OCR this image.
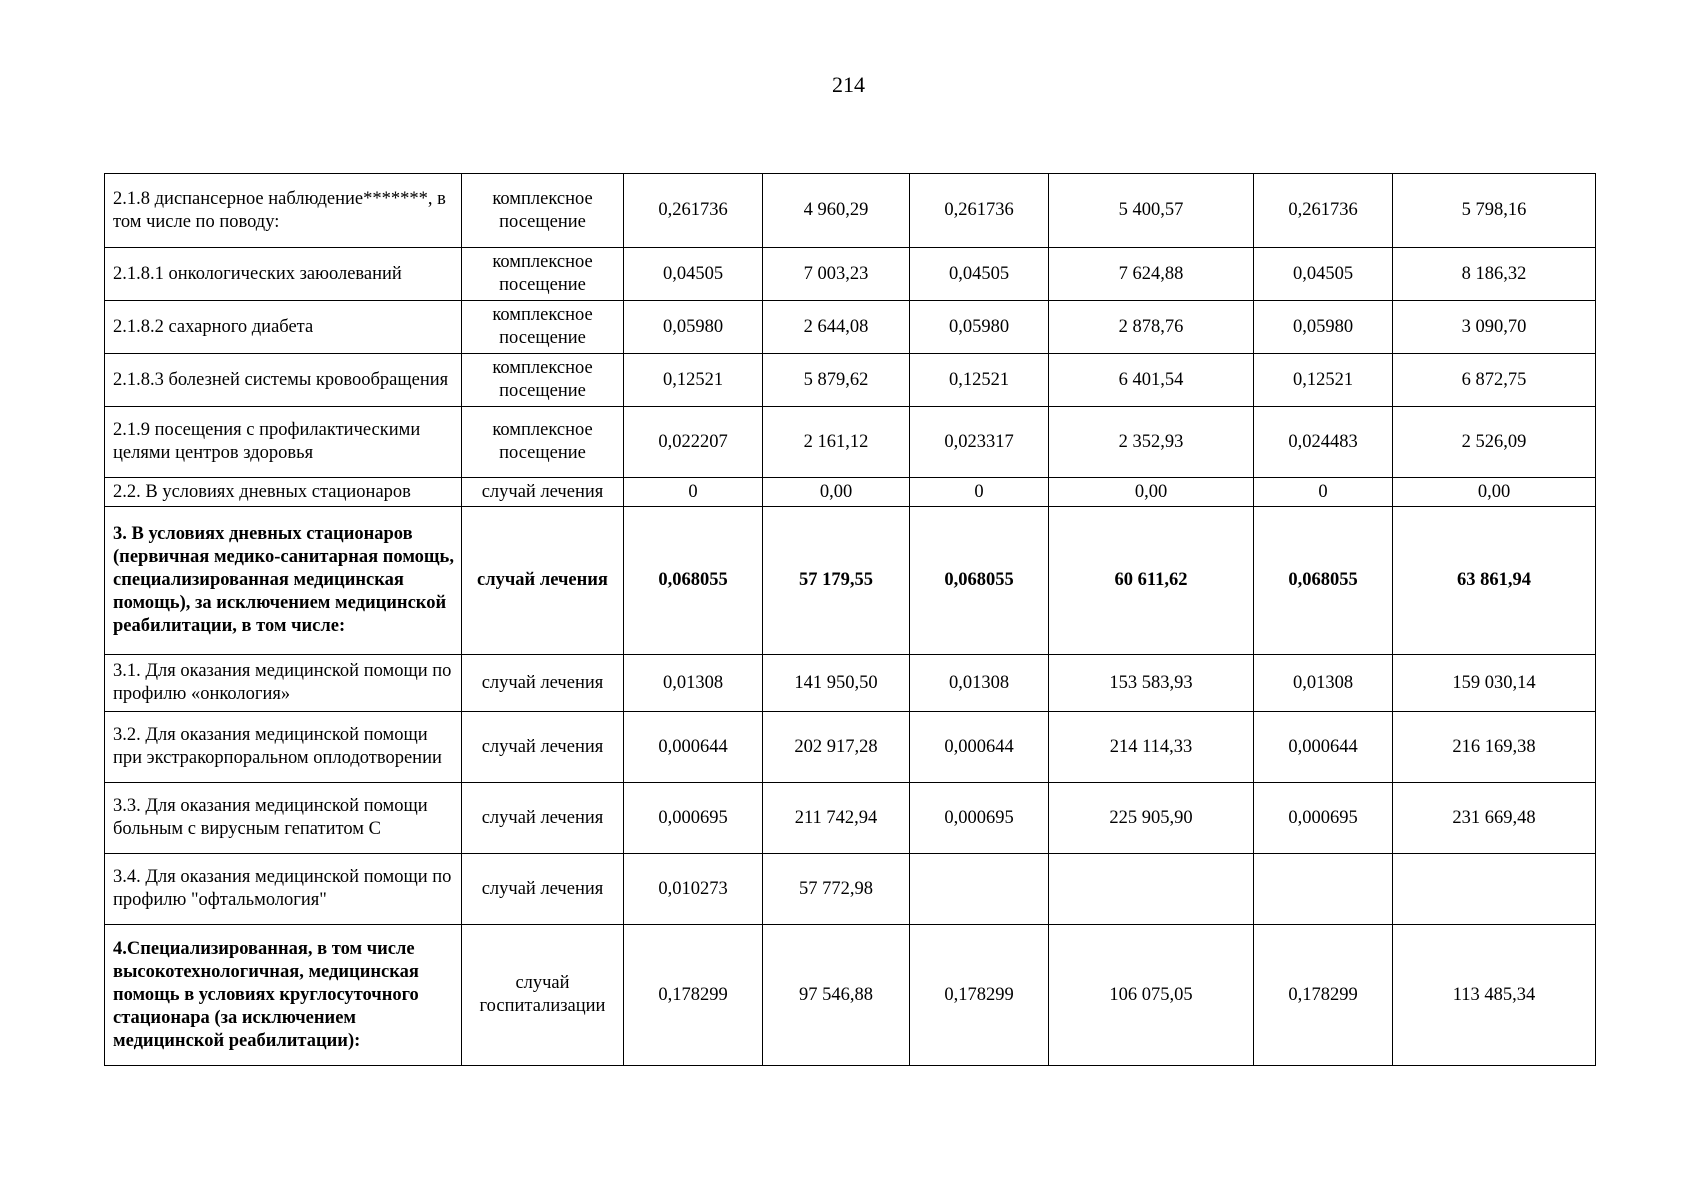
214
2.1.8 диспансерное наблюдение*******, в том числе по поводу:	комплексное посещение	0,261736	4 960,29	0,261736	5 400,57	0,261736	5 798,16
2.1.8.1 онкологических заюолеваний	комплексное посещение	0,04505	7 003,23	0,04505	7 624,88	0,04505	8 186,32
2.1.8.2 сахарного диабета	комплексное посещение	0,05980	2 644,08	0,05980	2 878,76	0,05980	3 090,70
2.1.8.3 болезней системы кровообращения	комплексное посещение	0,12521	5 879,62	0,12521	6 401,54	0,12521	6 872,75
2.1.9 посещения с профилактическими целями центров здоровья	комплексное посещение	0,022207	2 161,12	0,023317	2 352,93	0,024483	2 526,09
2.2. В условиях дневных стационаров	случай лечения	0	0,00	0	0,00	0	0,00
3. В условиях дневных стационаров (первичная медико-санитарная помощь, специализированная медицинская помощь), за исключением медицинской реабилитации, в том числе:	случай лечения	0,068055	57 179,55	0,068055	60 611,62	0,068055	63 861,94
3.1. Для оказания медицинской помощи по профилю «онкология»	случай лечения	0,01308	141 950,50	0,01308	153 583,93	0,01308	159 030,14
3.2. Для оказания медицинской помощи при экстракорпоральном оплодотворении	случай лечения	0,000644	202 917,28	0,000644	214 114,33	0,000644	216 169,38
3.3. Для оказания медицинской помощи больным с вирусным гепатитом С	случай лечения	0,000695	211 742,94	0,000695	225 905,90	0,000695	231 669,48
3.4. Для оказания медицинской помощи по профилю "офтальмология"	случай лечения	0,010273	57 772,98				
4.Специализированная, в том числе высокотехнологичная, медицинская помощь в условиях круглосуточного стационара (за исключением медицинской реабилитации):	случай госпитализации	0,178299	97 546,88	0,178299	106 075,05	0,178299	113 485,34
